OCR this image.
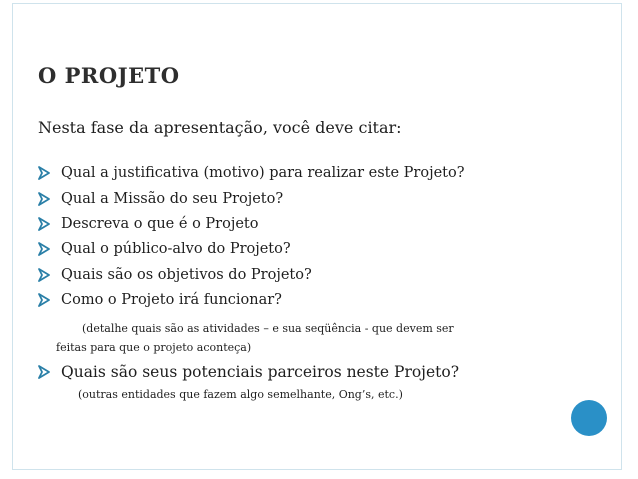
O PROJETO
Nesta fase da apresentação, você deve citar:
Qual a justificativa (motivo) para realizar este Projeto?
Qual a Missão do seu Projeto?
Descreva o que é o Projeto
Qual o público-alvo do Projeto?
Quais são os objetivos do Projeto?
Como o Projeto irá funcionar?
(detalhe quais são as atividades – e sua seqüência - que devem ser
feitas para que o projeto aconteça)
Quais são seus potenciais parceiros neste Projeto?
(outras entidades que fazem algo semelhante, Ong’s, etc.)
